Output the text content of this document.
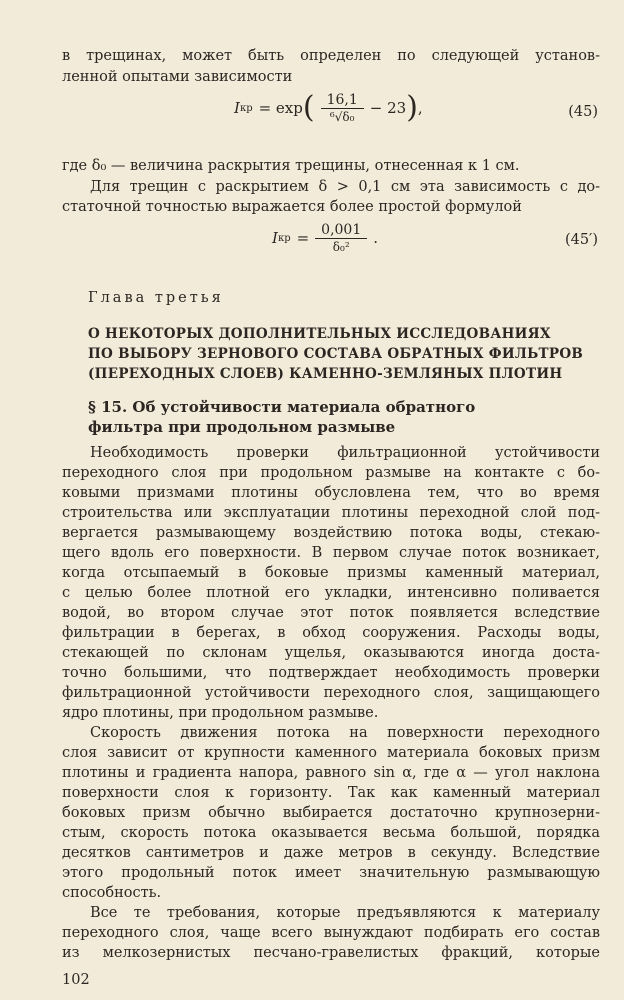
в трещинах, может быть определен по следующей установ-
ленной опытами зависимости
I кр = exp ( $\frac{16,1}{\text{⁶√δ₀}} - 23$ ) ,	(45)
где δ₀ — величина раскрытия трещины, отнесенная к 1 см.
Для трещин с раскрытием δ > 0,1 см эта зависимость с до-
статочной точностью выражается более простой формулой
I кр = $\frac{0,001}{\text{δ₀²}}$ .	(45′)
Глава третья
О НЕКОТОРЫХ ДОПОЛНИТЕЛЬНЫХ ИССЛЕДОВАНИЯХ
ПО ВЫБОРУ ЗЕРНОВОГО СОСТАВА ОБРАТНЫХ ФИЛЬТРОВ
(ПЕРЕХОДНЫХ СЛОЕВ) КАМЕННО-ЗЕМЛЯНЫХ ПЛОТИН
§ 15. Об устойчивости материала обратного
фильтра при продольном размыве
Необходимость проверки фильтрационной устойчивости
переходного слоя при продольном размыве на контакте с бо-
ковыми призмами плотины обусловлена тем, что во время
строительства или эксплуатации плотины переходной слой под-
вергается размывающему воздействию потока воды, стекаю-
щего вдоль его поверхности. В первом случае поток возникает,
когда отсыпаемый в боковые призмы каменный материал,
с целью более плотной его укладки, интенсивно поливается
водой, во втором случае этот поток появляется вследствие
фильтрации в берегах, в обход сооружения. Расходы воды,
стекающей по склонам ущелья, оказываются иногда доста-
точно большими, что подтверждает необходимость проверки
фильтрационной устойчивости переходного слоя, защищающего
ядро плотины, при продольном размыве.
Скорость движения потока на поверхности переходного
слоя зависит от крупности каменного материала боковых призм
плотины и градиента напора, равного sin α, где α — угол наклона
поверхности слоя к горизонту. Так как каменный материал
боковых призм обычно выбирается достаточно крупнозерни-
стым, скорость потока оказывается весьма большой, порядка
десятков сантиметров и даже метров в секунду. Вследствие
этого продольный поток имеет значительную размывающую
способность.
Все те требования, которые предъявляются к материалу
переходного слоя, чаще всего вынуждают подбирать его состав
из мелкозернистых песчано-гравелистых фракций, которые
102
